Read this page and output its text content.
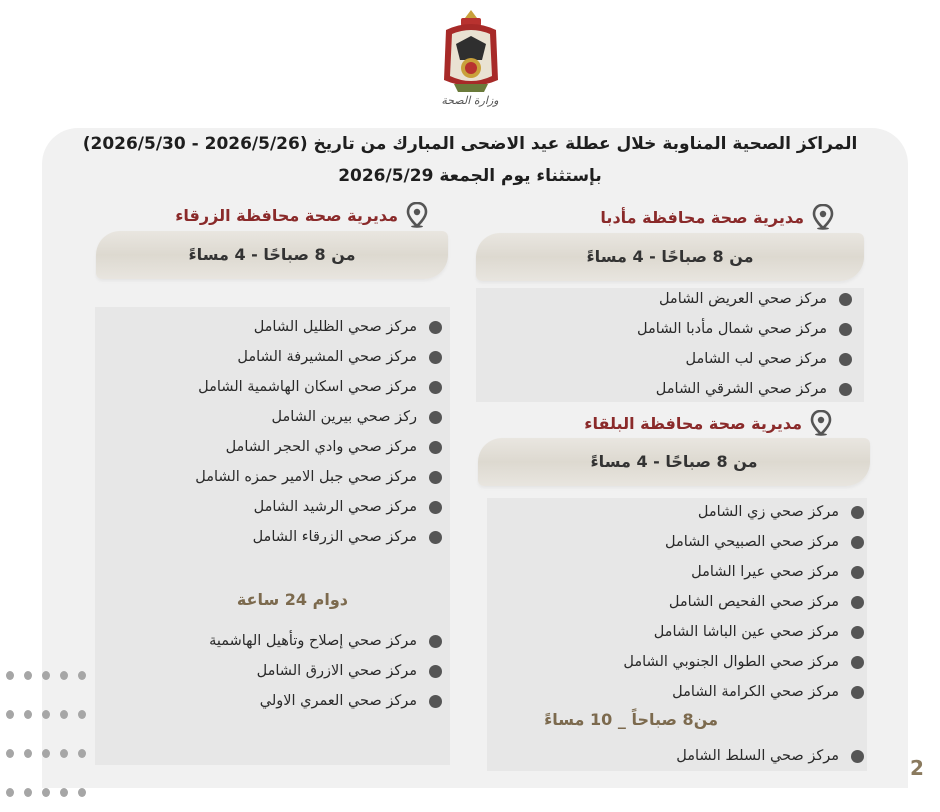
وزارة الصحة
المراكز الصحية المناوبة خلال عطلة عيد الاضحى المبارك من تاريخ (2026/5/26 - 2026/5/30)
بإستثناء يوم الجمعة 2026/5/29
مديرية صحة محافظة مأدبا
من 8 صباحًا - 4 مساءً
مركز صحي العريض الشامل
مركز صحي شمال مأدبا الشامل
مركز صحي لب الشامل
مركز صحي الشرقي الشامل
مديرية صحة محافظة البلقاء
من 8 صباحًا - 4 مساءً
مركز صحي زي الشامل
مركز صحي الصبيحي الشامل
مركز صحي عيرا الشامل
مركز صحي الفحيص الشامل
مركز صحي عين الباشا الشامل
مركز صحي الطوال الجنوبي الشامل
مركز صحي الكرامة الشامل
من8 صباحاً _ 10 مساءً
مركز صحي السلط الشامل
مديرية صحة محافظة الزرقاء
من 8 صباحًا - 4 مساءً
مركز صحي الظليل الشامل
مركز صحي المشيرفة الشامل
مركز صحي اسكان الهاشمية الشامل
ركز صحي بيرين الشامل
مركز صحي وادي الحجر الشامل
مركز صحي جبل الامير حمزه الشامل
مركز صحي الرشيد الشامل
مركز صحي الزرقاء الشامل
دوام 24 ساعة
مركز صحي إصلاح وتأهيل الهاشمية
مركز صحي الازرق الشامل
مركز صحي العمري الاولي
2
